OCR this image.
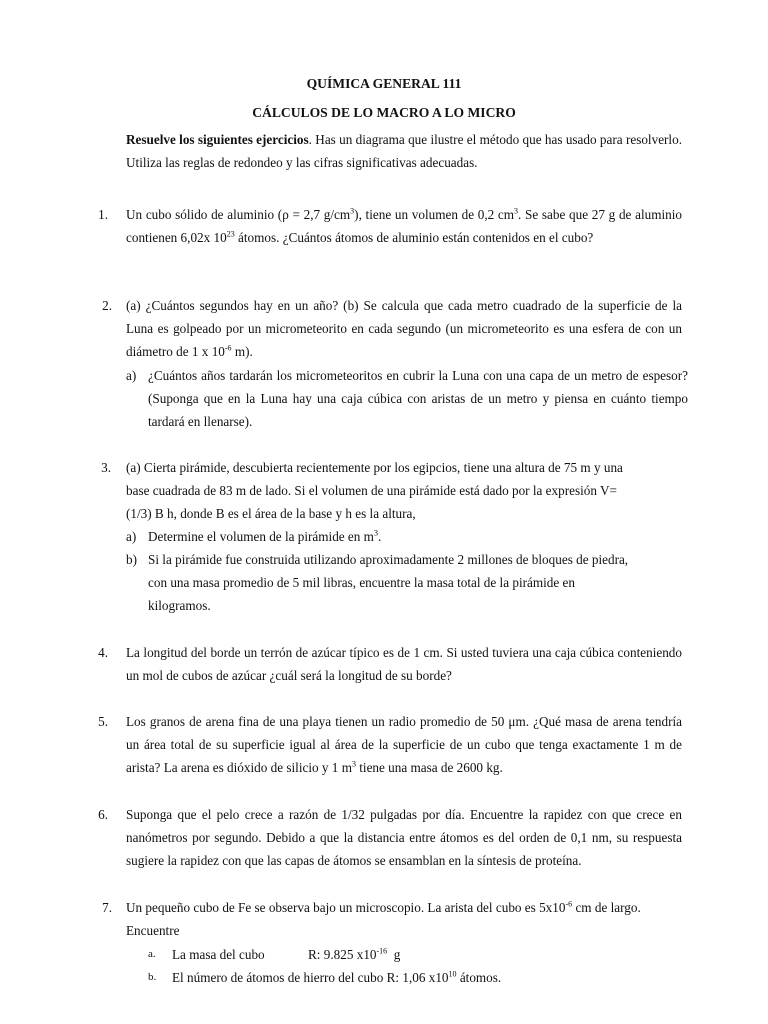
QUÍMICA GENERAL 111
CÁLCULOS DE LO MACRO A LO MICRO
Resuelve los siguientes ejercicios. Has un diagrama que ilustre el método que has usado para resolverlo. Utiliza las reglas de redondeo y las cifras significativas adecuadas.
1. Un cubo sólido de aluminio (ρ = 2,7 $g/cm^3$), tiene un volumen de 0,2 $cm^3$. Se sabe que 27 g de aluminio contienen 6,02x $10^{23}$ átomos. ¿Cuántos átomos de aluminio están contenidos en el cubo?
2. (a) ¿Cuántos segundos hay en un año? (b) Se calcula que cada metro cuadrado de la superficie de la Luna es golpeado por un micrometeorito en cada segundo (un micrometeorito es una esfera de con un diámetro de 1 x $10^{-6}$ m).
a) ¿Cuántos años tardarán los micrometeoritos en cubrir la Luna con una capa de un metro de espesor? (Suponga que en la Luna hay una caja cúbica con aristas de un metro y piensa en cuánto tiempo tardará en llenarse).
3. (a) Cierta pirámide, descubierta recientemente por los egipcios, tiene una altura de 75 m y una
base cuadrada de 83 m de lado. Si el volumen de una pirámide está dado por la expresión V=
(1/3) B h, donde B es el área de la base y h es la altura,
a) Determine el volumen de la pirámide en $m^3$.
b) Si la pirámide fue construida utilizando aproximadamente 2 millones de bloques de piedra,
con una masa promedio de 5 mil libras, encuentre la masa total de la pirámide en
kilogramos.
4. La longitud del borde un terrón de azúcar típico es de 1 cm. Si usted tuviera una caja cúbica conteniendo un mol de cubos de azúcar ¿cuál será la longitud de su borde?
5. Los granos de arena fina de una playa tienen un radio promedio de 50 μm. ¿Qué masa de arena tendría un área total de su superficie igual al área de la superficie de un cubo que tenga exactamente 1 m de arista? La arena es dióxido de silicio y 1 $m^3$ tiene una masa de 2600 kg.
6. Suponga que el pelo crece a razón de 1/32 pulgadas por día. Encuentre la rapidez con que crece en nanómetros por segundo. Debido a que la distancia entre átomos es del orden de 0,1 nm, su respuesta sugiere la rapidez con que las capas de átomos se ensamblan en la síntesis de proteína.
7. Un pequeño cubo de Fe se observa bajo un microscopio. La arista del cubo es $5x10^{-6}$ cm de largo.
Encuentre
a. La masa del cubo	R: 9.825 $x10^{-16}$ g
b. El número de átomos de hierro del cubo R: 1,06 $x10^{10}$ átomos.
